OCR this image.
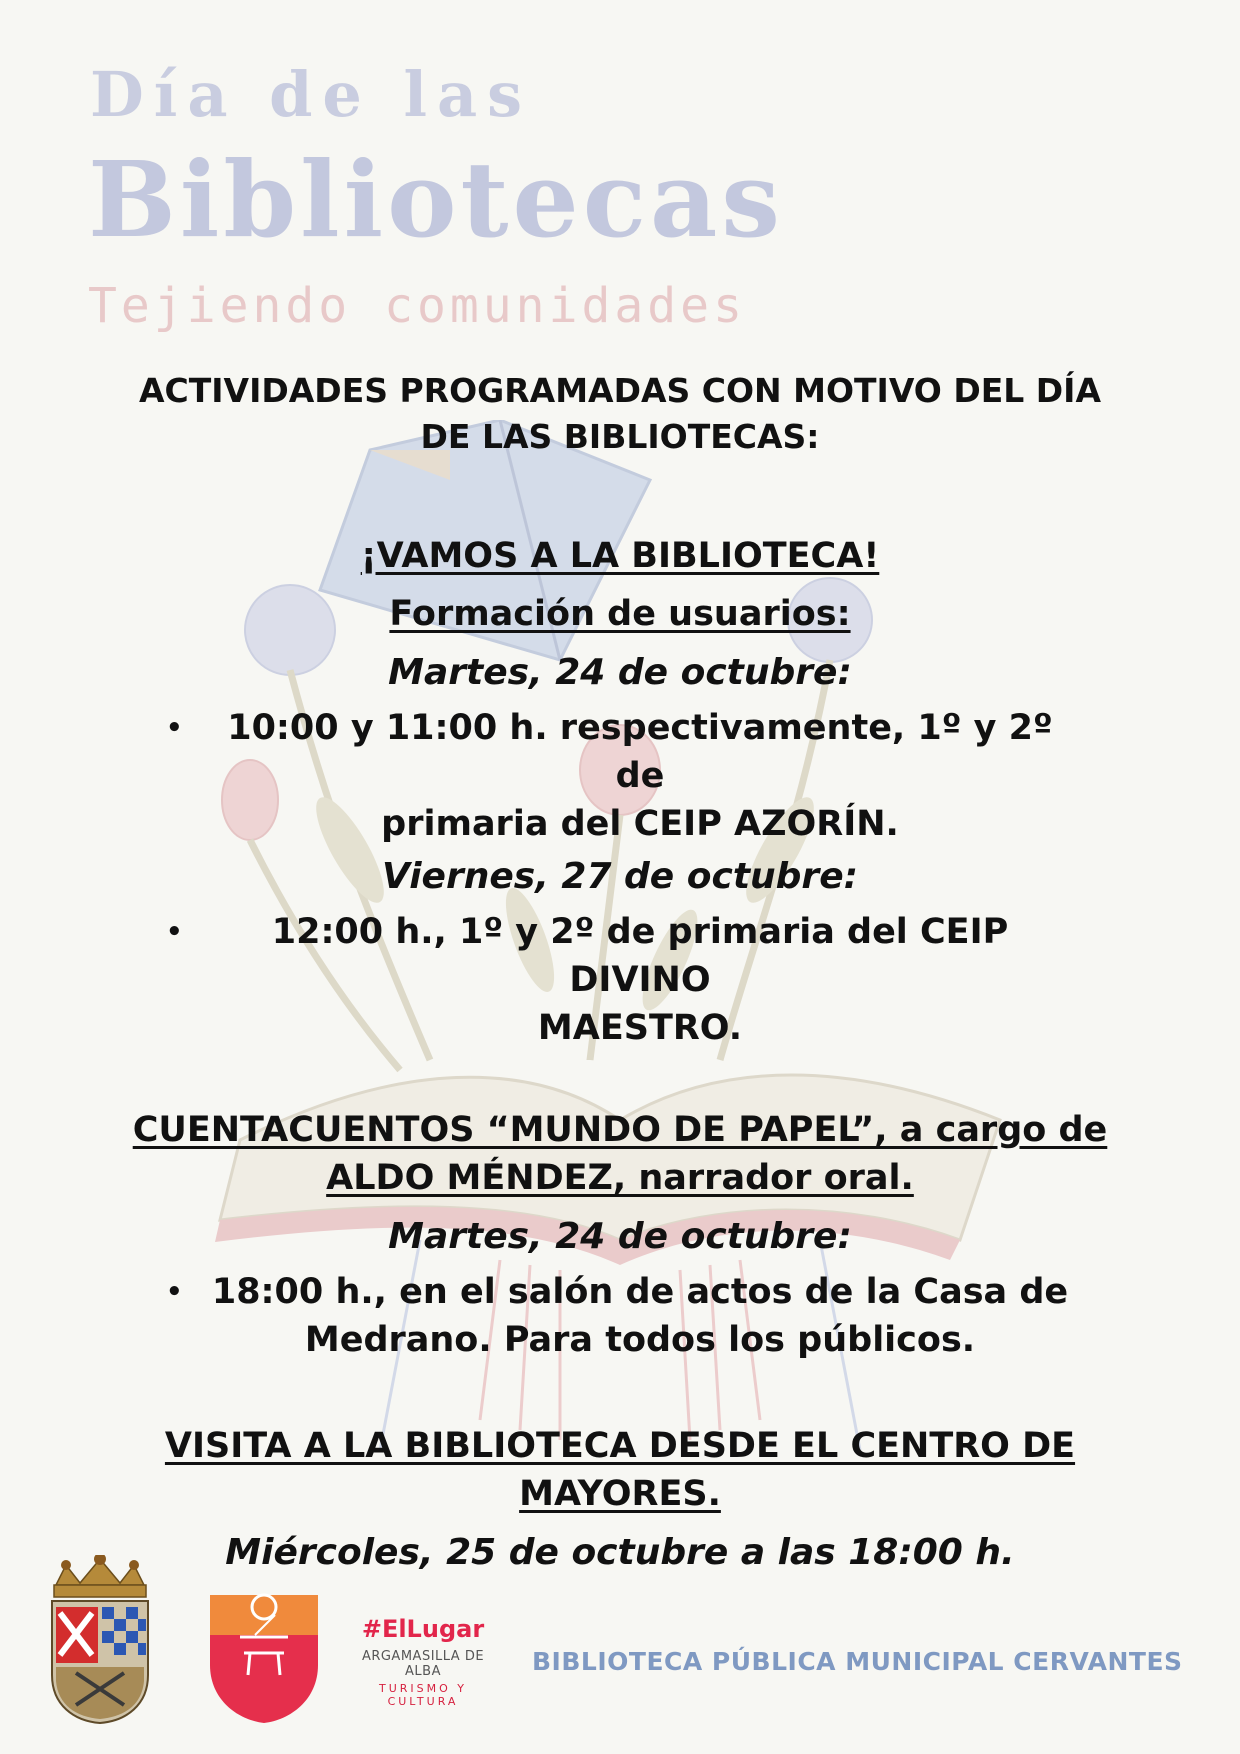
Día de las
Bibliotecas
Tejiendo comunidades

ACTIVIDADES PROGRAMADAS CON MOTIVO DEL DÍA
DE LAS BIBLIOTECAS:

¡VAMOS A LA BIBLIOTECA!

Formación de usuarios:

Martes, 24 de octubre:

• 10:00 y 11:00 h. respectivamente, 1º y 2º de
primaria del CEIP AZORÍN.

Viernes, 27 de octubre:

•	12:00 h., 1º y 2º de primaria del CEIP DIVINO
MAESTRO.

CUENTACUENTOS “MUNDO DE PAPEL”, a cargo de
ALDO MÉNDEZ, narrador oral.

Martes, 24 de octubre:

• 18:00 h., en el salón de actos de la Casa de
Medrano. Para todos los públicos.

VISITA A LA BIBLIOTECA DESDE EL CENTRO DE
MAYORES.

Miércoles, 25 de octubre a las 18:00 h.

#ElLugar
ARGAMASILLA DE ALBA
TURISMO Y CULTURA
BIBLIOTECA PÚBLICA MUNICIPAL CERVANTES
